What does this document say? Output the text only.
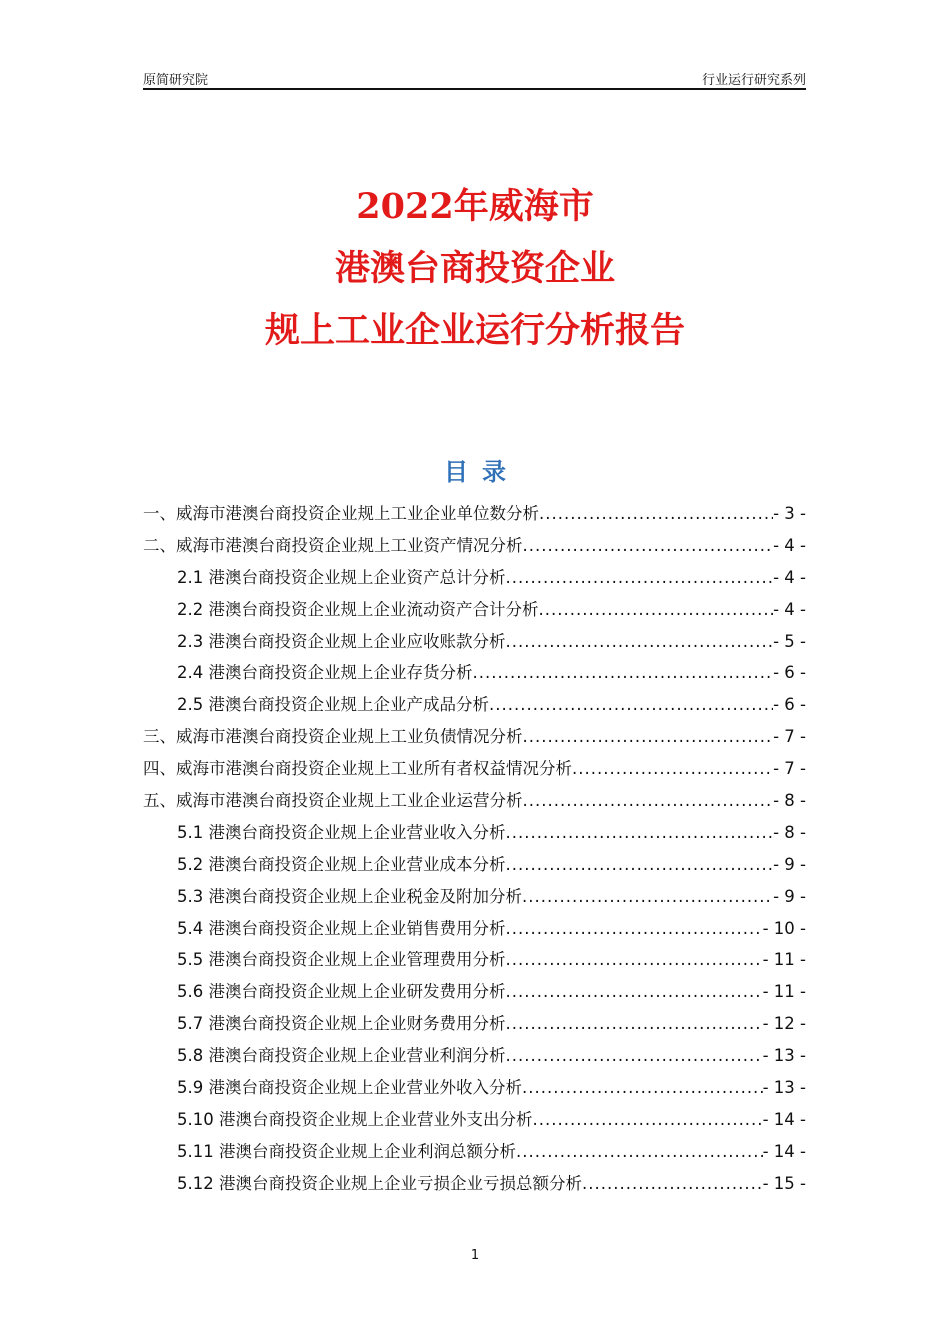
原简研究院	行业运行研究系列
2022年威海市
港澳台商投资企业
规上工业企业运行分析报告
目录
一、威海市港澳台商投资企业规上工业企业单位数分析 .....	- 3 -
二、威海市港澳台商投资企业规上工业资产情况分析 .....	- 4 -
2.1 港澳台商投资企业规上企业资产总计分析 .....	- 4 -
2.2 港澳台商投资企业规上企业流动资产合计分析 .....	- 4 -
2.3 港澳台商投资企业规上企业应收账款分析 .....	- 5 -
2.4 港澳台商投资企业规上企业存货分析 .....	- 6 -
2.5 港澳台商投资企业规上企业产成品分析 .....	- 6 -
三、威海市港澳台商投资企业规上工业负债情况分析 .....	- 7 -
四、威海市港澳台商投资企业规上工业所有者权益情况分析 .....	- 7 -
五、威海市港澳台商投资企业规上工业企业运营分析 .....	- 8 -
5.1 港澳台商投资企业规上企业营业收入分析 .....	- 8 -
5.2 港澳台商投资企业规上企业营业成本分析 .....	- 9 -
5.3 港澳台商投资企业规上企业税金及附加分析 .....	- 9 -
5.4 港澳台商投资企业规上企业销售费用分析 .....	- 10 -
5.5 港澳台商投资企业规上企业管理费用分析 .....	- 11 -
5.6 港澳台商投资企业规上企业研发费用分析 .....	- 11 -
5.7 港澳台商投资企业规上企业财务费用分析 .....	- 12 -
5.8 港澳台商投资企业规上企业营业利润分析 .....	- 13 -
5.9 港澳台商投资企业规上企业营业外收入分析 .....	- 13 -
5.10 港澳台商投资企业规上企业营业外支出分析 .....	- 14 -
5.11 港澳台商投资企业规上企业利润总额分析 .....	- 14 -
5.12 港澳台商投资企业规上企业亏损企业亏损总额分析 .....	- 15 -
1
